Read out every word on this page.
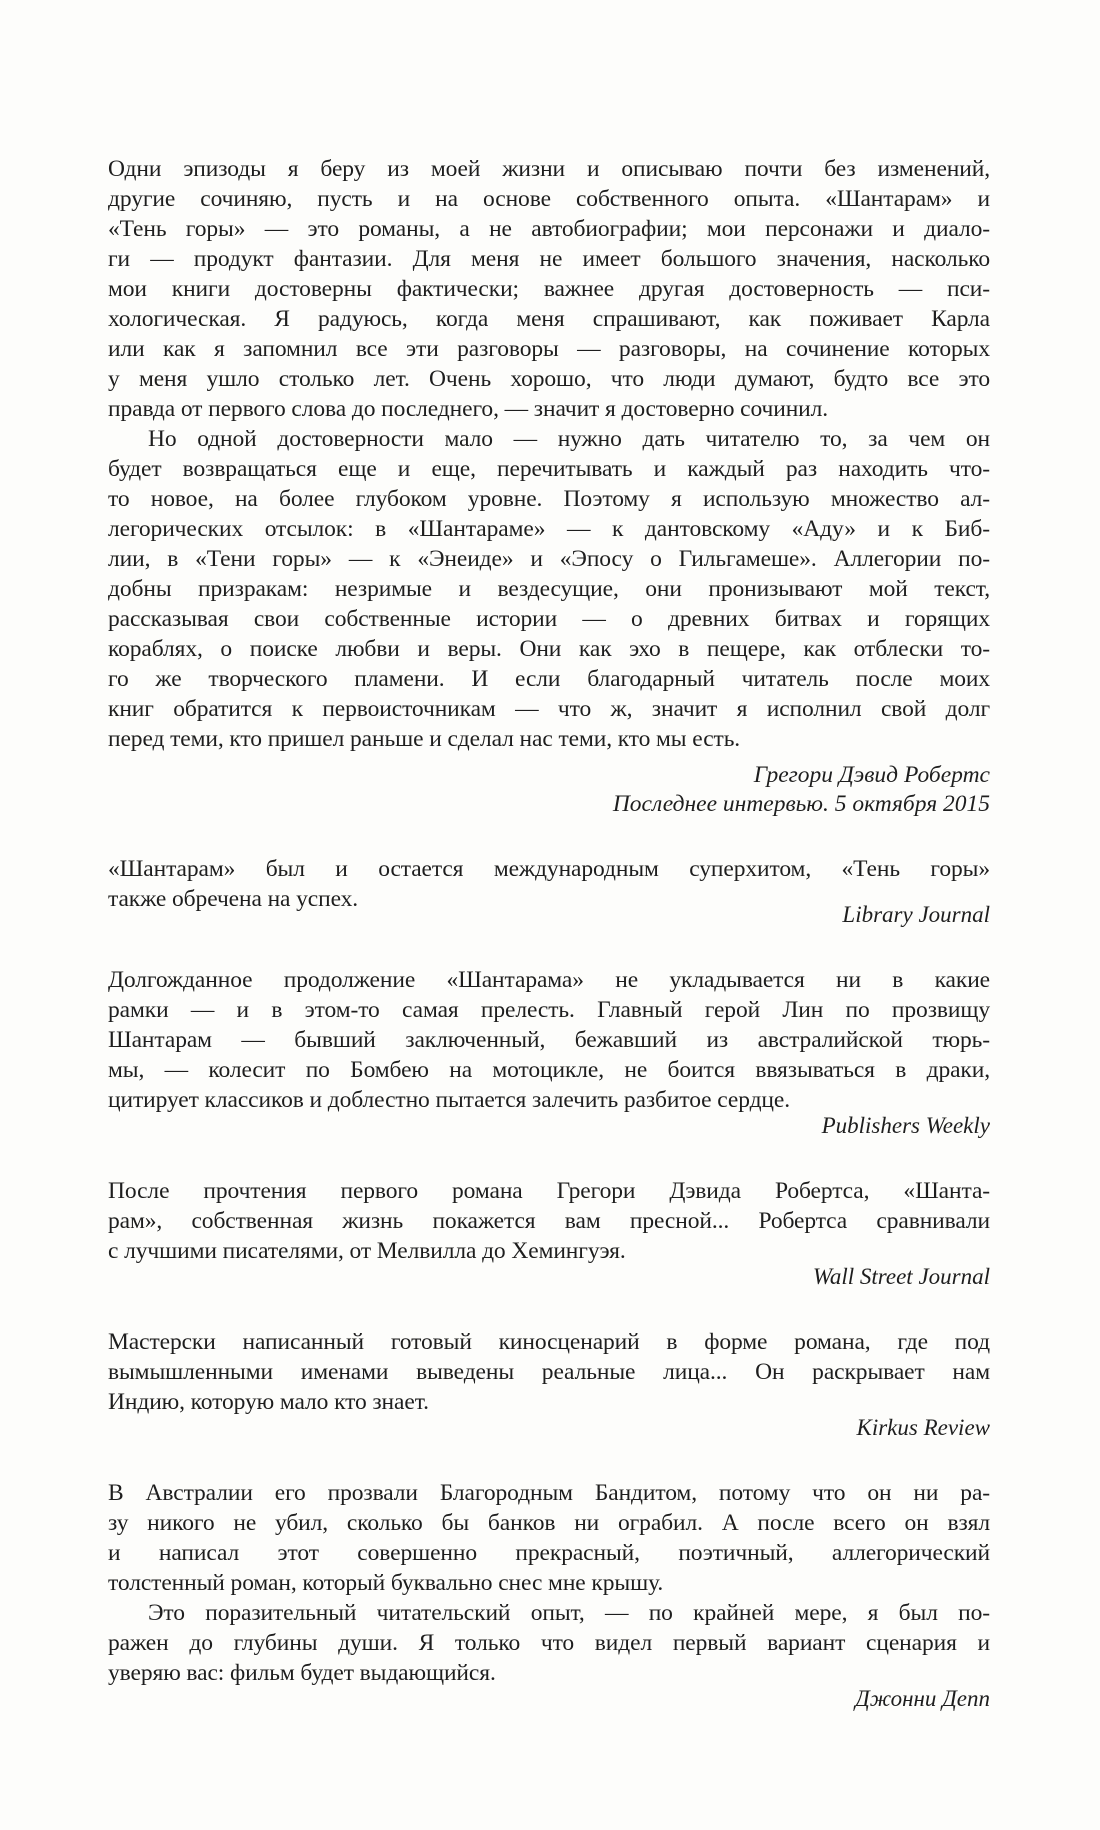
Одни эпизоды я беру из моей жизни и описываю почти без изменений,
другие сочиняю, пусть и на основе собственного опыта. «Шантарам» и
«Тень горы» — это романы, а не автобиографии; мои персонажи и диало-
ги — продукт фантазии. Для меня не имеет большого значения, насколько
мои книги достоверны фактически; важнее другая достоверность — пси-
хологическая. Я радуюсь, когда меня спрашивают, как поживает Карла
или как я запомнил все эти разговоры — разговоры, на сочинение которых
у меня ушло столько лет. Очень хорошо, что люди думают, будто все это
правда от первого слова до последнего, — значит я достоверно сочинил.
Но одной достоверности мало — нужно дать читателю то, за чем он
будет возвращаться еще и еще, перечитывать и каждый раз находить что-
то новое, на более глубоком уровне. Поэтому я использую множество ал-
легорических отсылок: в «Шантараме» — к дантовскому «Аду» и к Биб-
лии, в «Тени горы» — к «Энеиде» и «Эпосу о Гильгамеше». Аллегории по-
добны призракам: незримые и вездесущие, они пронизывают мой текст,
рассказывая свои собственные истории — о древних битвах и горящих
кораблях, о поиске любви и веры. Они как эхо в пещере, как отблески то-
го же творческого пламени. И если благодарный читатель после моих
книг обратится к первоисточникам — что ж, значит я исполнил свой долг
перед теми, кто пришел раньше и сделал нас теми, кто мы есть.
Грегори Дэвид Робертс
Последнее интервью. 5 октября 2015
«Шантарам» был и остается международным суперхитом, «Тень горы»
также обречена на успех.
Library Journal
Долгожданное продолжение «Шантарама» не укладывается ни в какие
рамки — и в этом-то самая прелесть. Главный герой Лин по прозвищу
Шантарам — бывший заключенный, бежавший из австралийской тюрь-
мы, — колесит по Бомбею на мотоцикле, не боится ввязываться в драки,
цитирует классиков и доблестно пытается залечить разбитое сердце.
Publishers Weekly
После прочтения первого романа Грегори Дэвида Робертса, «Шанта-
рам», собственная жизнь покажется вам пресной... Робертса сравнивали
с лучшими писателями, от Мелвилла до Хемингуэя.
Wall Street Journal
Мастерски написанный готовый киносценарий в форме романа, где под
вымышленными именами выведены реальные лица... Он раскрывает нам
Индию, которую мало кто знает.
Kirkus Review
В Австралии его прозвали Благородным Бандитом, потому что он ни ра-
зу никого не убил, сколько бы банков ни ограбил. А после всего он взял
и написал этот совершенно прекрасный, поэтичный, аллегорический
толстенный роман, который буквально снес мне крышу.
Это поразительный читательский опыт, — по крайней мере, я был по-
ражен до глубины души. Я только что видел первый вариант сценария и
уверяю вас: фильм будет выдающийся.
Джонни Депп
